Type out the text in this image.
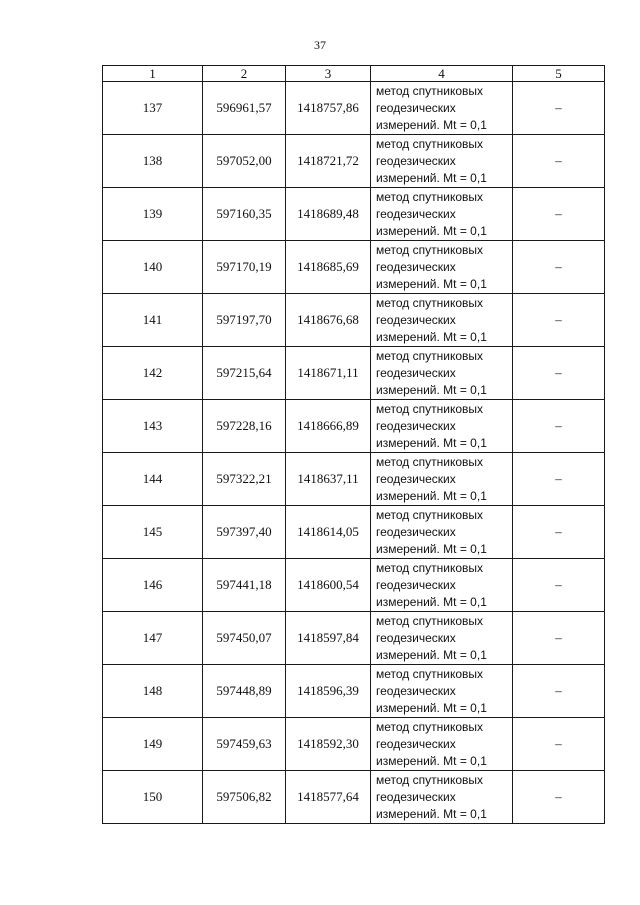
37
1	2	3	4	5
137	596961,57	1418757,86	метод спутниковых
геодезических
измерений. Mt = 0,1	–
138	597052,00	1418721,72	метод спутниковых
геодезических
измерений. Mt = 0,1	–
139	597160,35	1418689,48	метод спутниковых
геодезических
измерений. Mt = 0,1	–
140	597170,19	1418685,69	метод спутниковых
геодезических
измерений. Mt = 0,1	–
141	597197,70	1418676,68	метод спутниковых
геодезических
измерений. Mt = 0,1	–
142	597215,64	1418671,11	метод спутниковых
геодезических
измерений. Mt = 0,1	–
143	597228,16	1418666,89	метод спутниковых
геодезических
измерений. Mt = 0,1	–
144	597322,21	1418637,11	метод спутниковых
геодезических
измерений. Mt = 0,1	–
145	597397,40	1418614,05	метод спутниковых
геодезических
измерений. Mt = 0,1	–
146	597441,18	1418600,54	метод спутниковых
геодезических
измерений. Mt = 0,1	–
147	597450,07	1418597,84	метод спутниковых
геодезических
измерений. Mt = 0,1	–
148	597448,89	1418596,39	метод спутниковых
геодезических
измерений. Mt = 0,1	–
149	597459,63	1418592,30	метод спутниковых
геодезических
измерений. Mt = 0,1	–
150	597506,82	1418577,64	метод спутниковых
геодезических
измерений. Mt = 0,1	–
